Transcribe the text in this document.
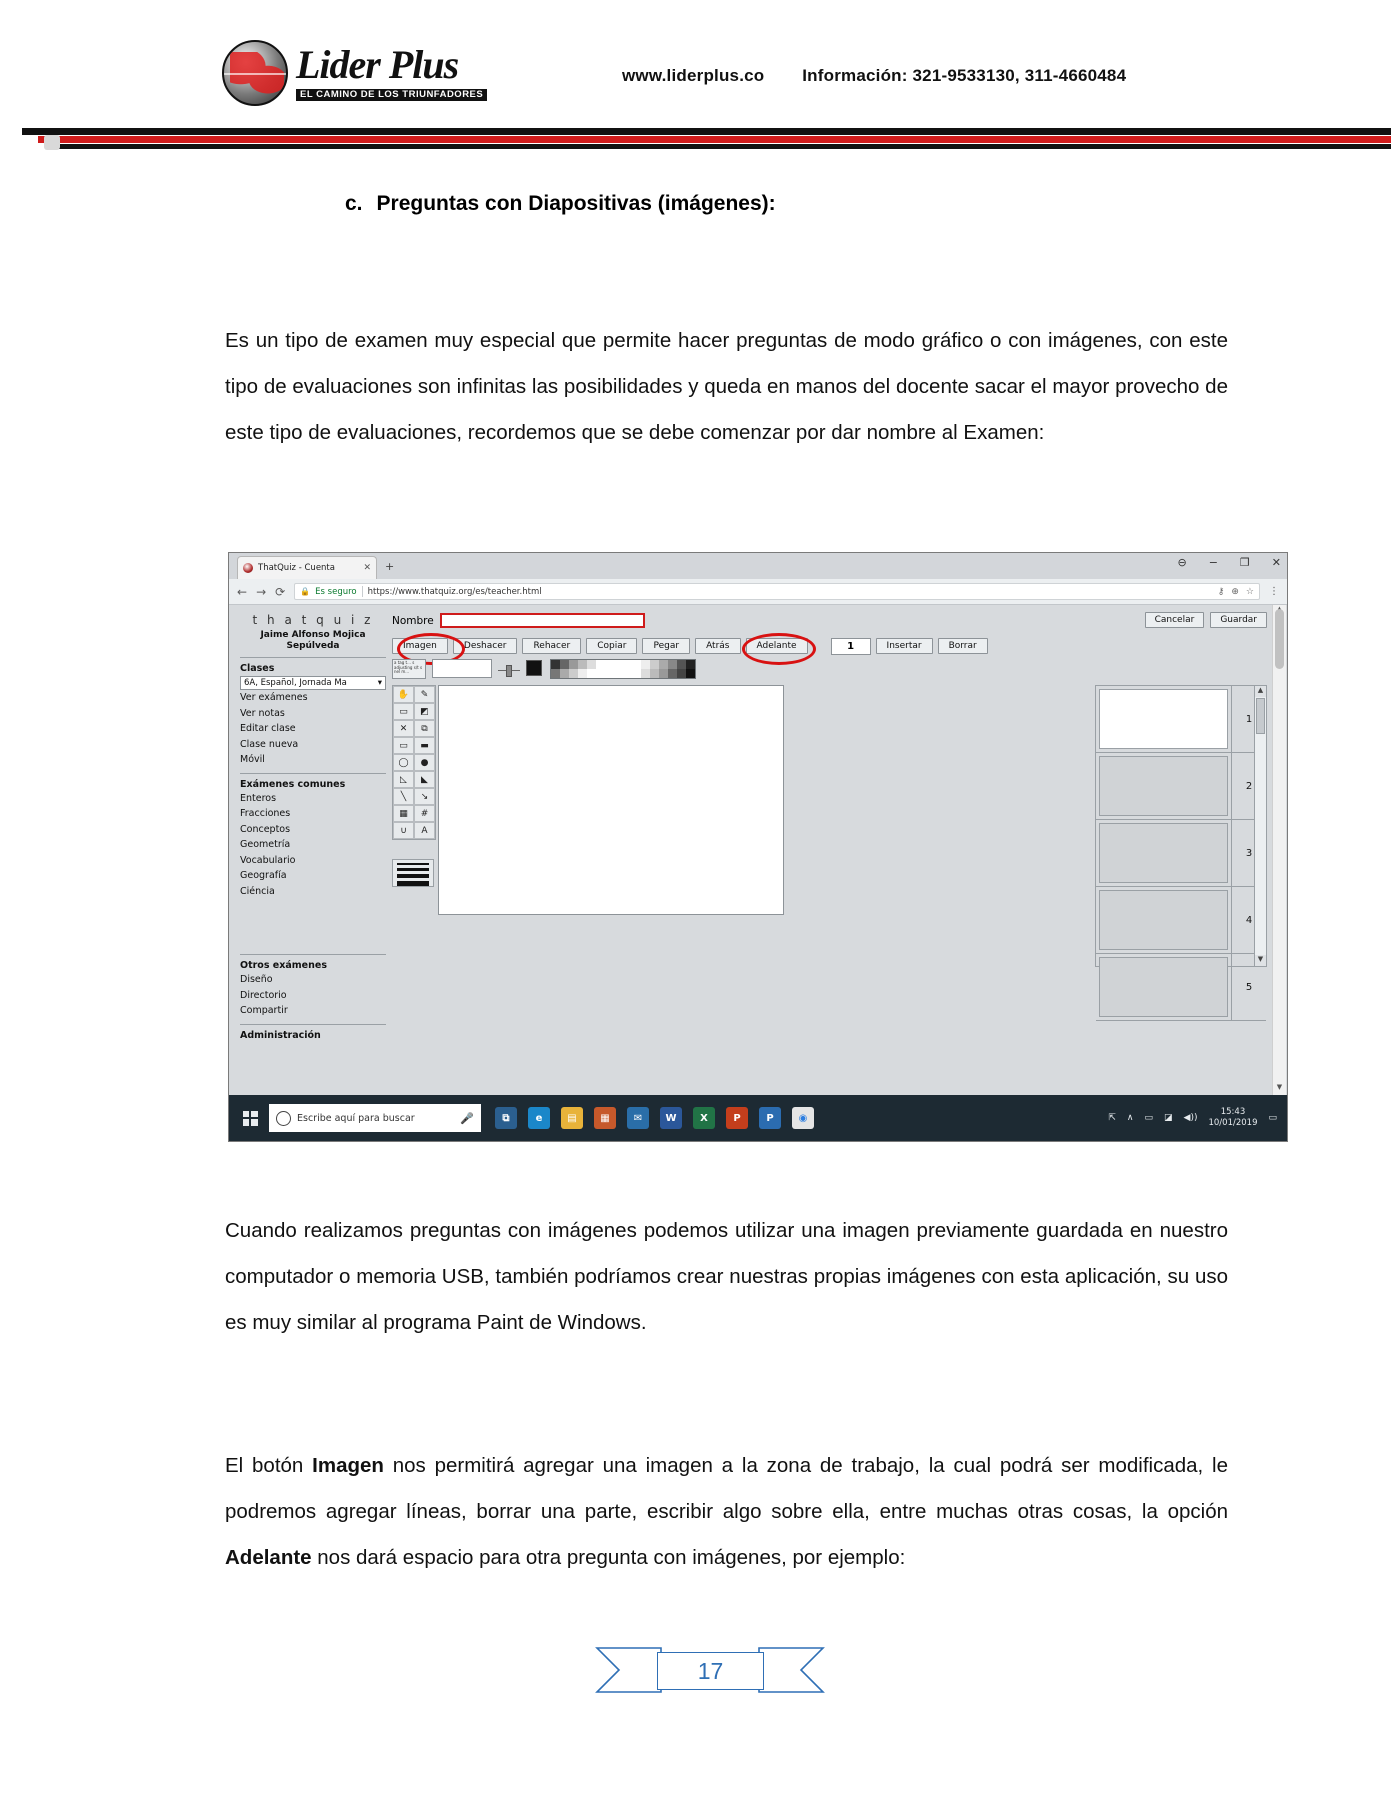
Lider Plus
EL CAMINO DE LOS TRIUNFADORES
www.liderplus.co Información: 321-9533130, 311-4660484
c. Preguntas con Diapositivas (imágenes):
Es un tipo de examen muy especial que permite hacer preguntas de modo gráfico o con imágenes, con este tipo de evaluaciones son infinitas las posibilidades y queda en manos del docente sacar el mayor provecho de este tipo de evaluaciones, recordemos que se debe comenzar por dar nombre al Examen:
ThatQuiz - Cuenta	✕ +	⊖ − ❐ ✕
← → ⟳ 🔒 Es seguro https://www.thatquiz.org/es/teacher.html	⚷ ⊕ ☆ ⋮
t h a t q u i z
Jaime Alfonso Mojica Sepúlveda
Clases
6A, Español, Jornada Ma	▾
Ver exámenes
Ver notas
Editar clase
Clase nueva
Móvil
Exámenes comunes
Enteros
Fracciones
Conceptos
Geometría
Vocabulario
Geografía
Ciéncia
Otros exámenes
Diseño
Directorio
Compartir
Administración
Nombre	Cancelar	Guardar
Imagen	Deshacer	Rehacer	Copiar	Pegar	Atrás	Adelante	1	Insertar	Borrar
a tag t... s adjusting s/t s nel m...
✋	✎
▭	◩
✕	⧉
▭	▬
◯	●
◺	◣
╲	↘
▦	#
∪	A
1
2
3
4
5
▲
▼
▼
Escribe aquí para buscar	🎤	⧉	e	▤	▦	✉	W	X	P	P	◉	⇱ ∧ ▭ ◪ ◀))
15:43
10/01/2019 ▭
Cuando realizamos preguntas con imágenes podemos utilizar una imagen previamente guardada en nuestro computador o memoria USB, también podríamos crear nuestras propias imágenes con esta aplicación, su uso es muy similar al programa Paint de Windows.
El botón Imagen nos permitirá agregar una imagen a la zona de trabajo, la cual podrá ser modificada, le podremos agregar líneas, borrar una parte, escribir algo sobre ella, entre muchas otras cosas, la opción Adelante nos dará espacio para otra pregunta con imágenes, por ejemplo:
17
